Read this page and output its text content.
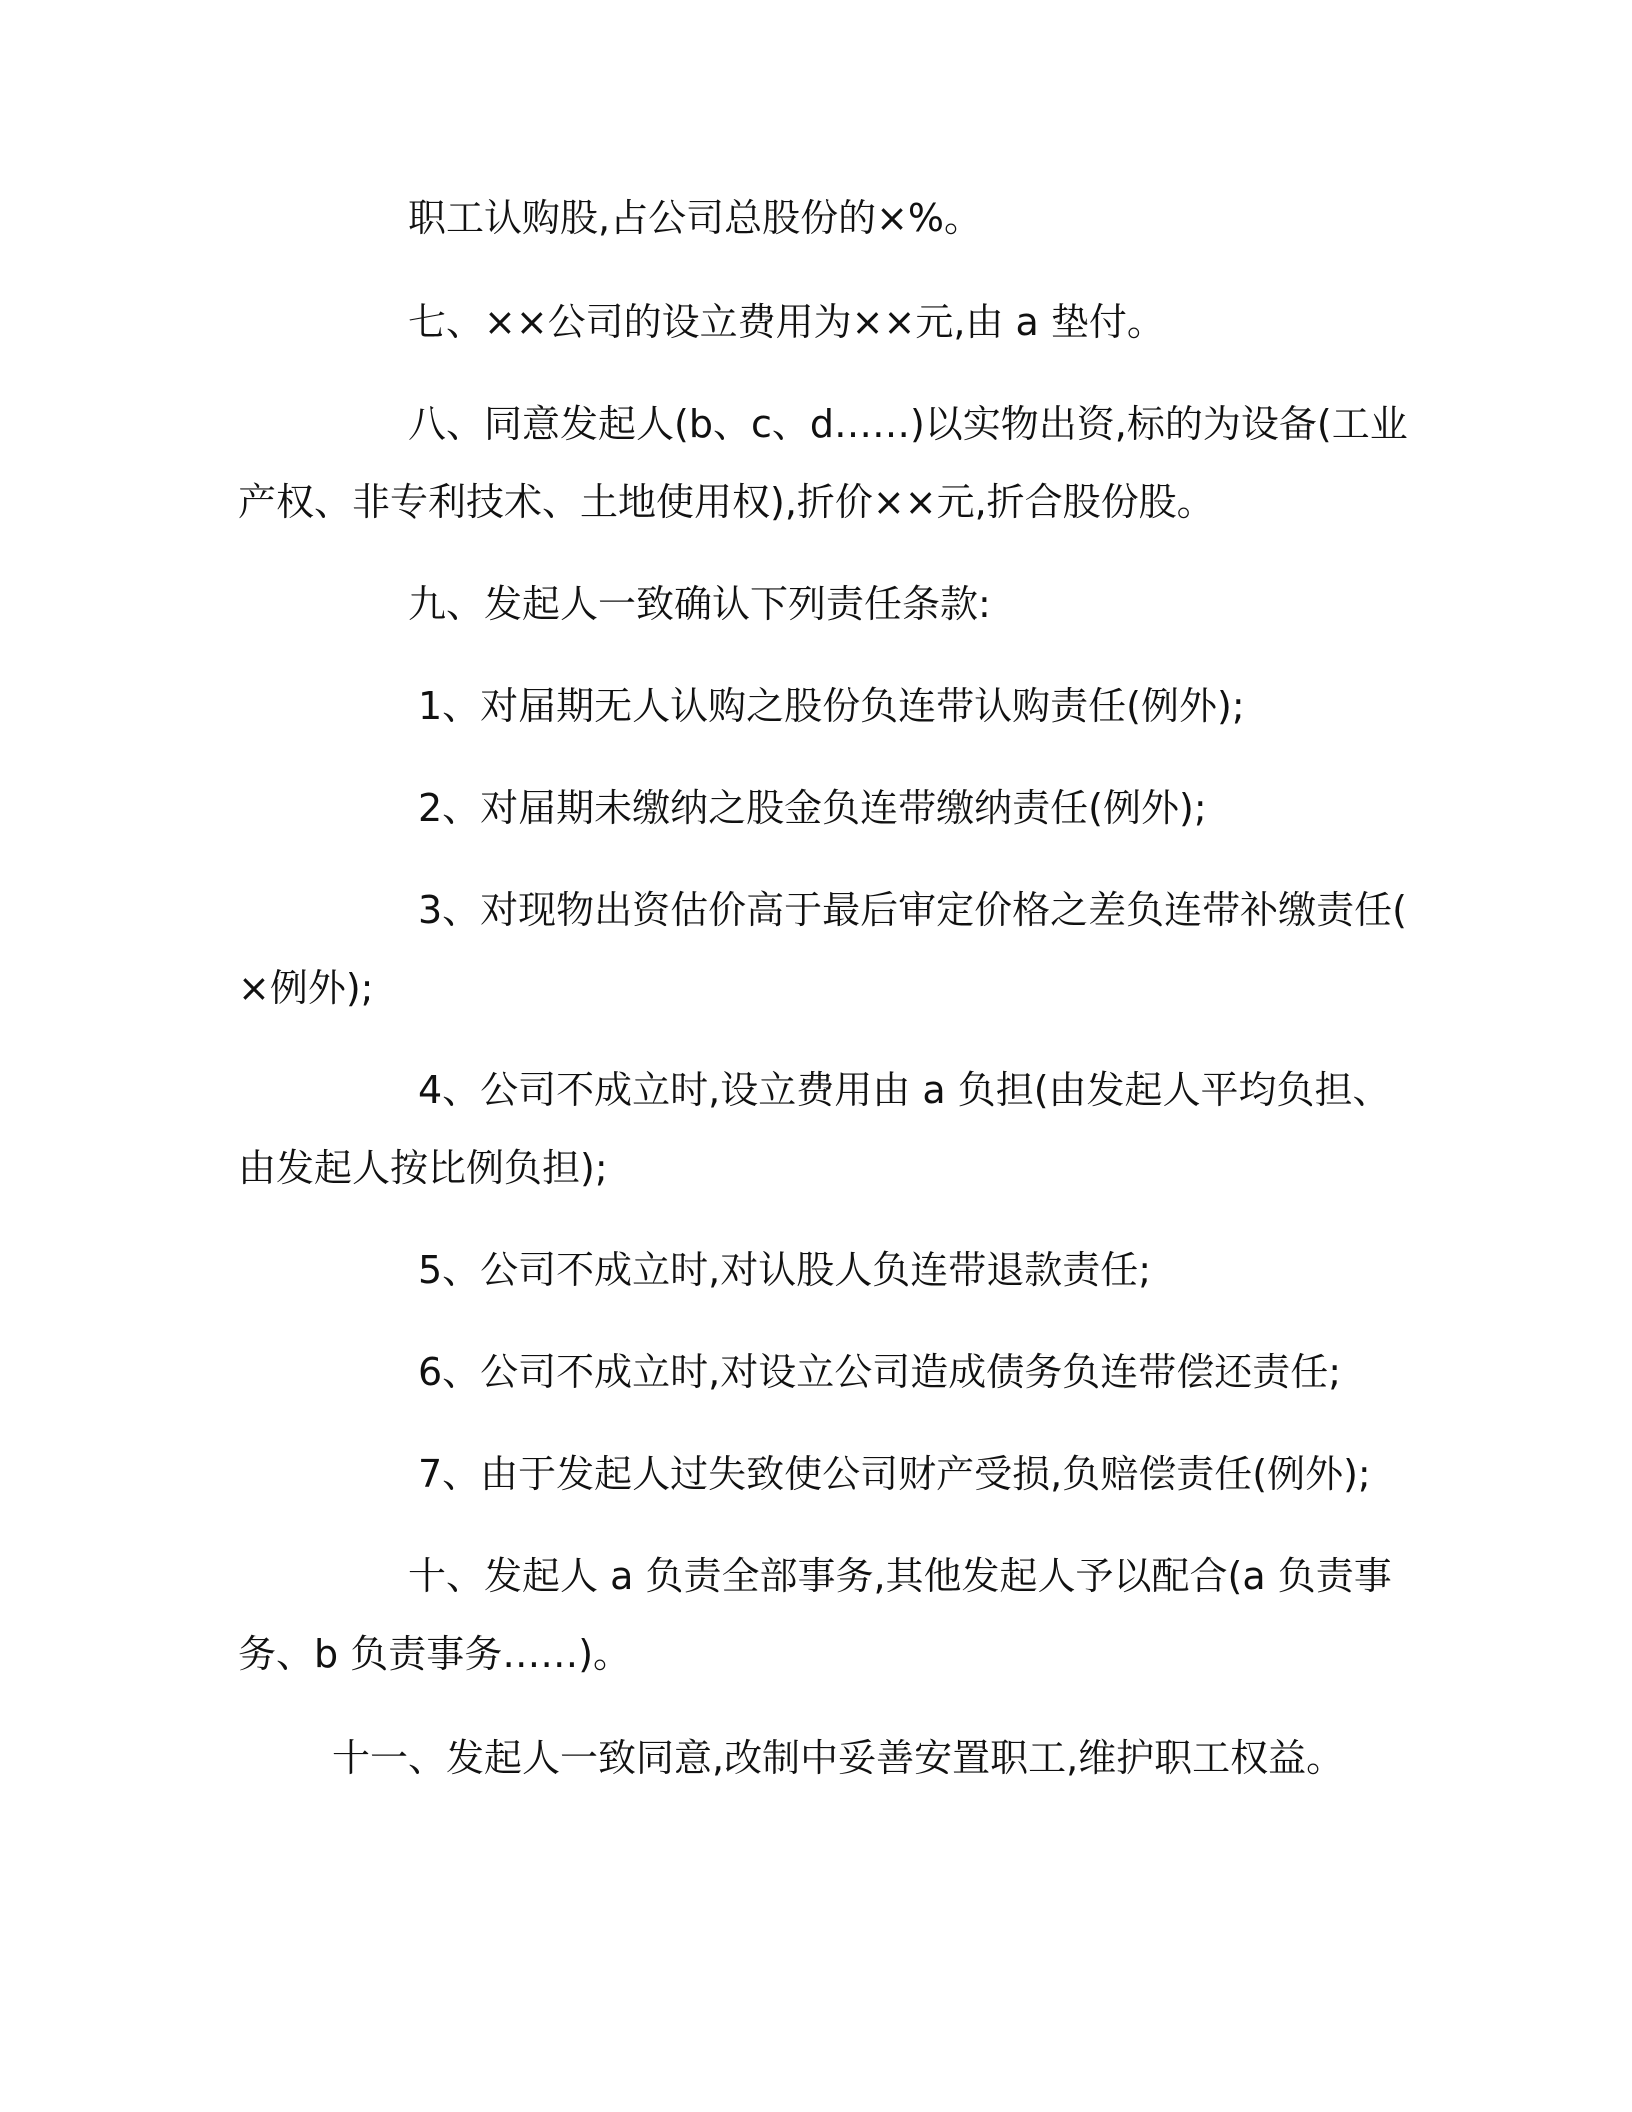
职工认购股,占公司总股份的×%。
七、××公司的设立费用为××元,由 a 垫付。
八、同意发起人(b、c、d……)以实物出资,标的为设备(工业
产权、非专利技术、土地使用权),折价××元,折合股份股。
九、发起人一致确认下列责任条款:
1、对届期无人认购之股份负连带认购责任(例外);
2、对届期未缴纳之股金负连带缴纳责任(例外);
3、对现物出资估价高于最后审定价格之差负连带补缴责任(
×例外);
4、公司不成立时,设立费用由 a 负担(由发起人平均负担、
由发起人按比例负担);
5、公司不成立时,对认股人负连带退款责任;
6、公司不成立时,对设立公司造成债务负连带偿还责任;
7、由于发起人过失致使公司财产受损,负赔偿责任(例外);
十、发起人 a 负责全部事务,其他发起人予以配合(a 负责事
务、b 负责事务……)。
十一、发起人一致同意,改制中妥善安置职工,维护职工权益。
